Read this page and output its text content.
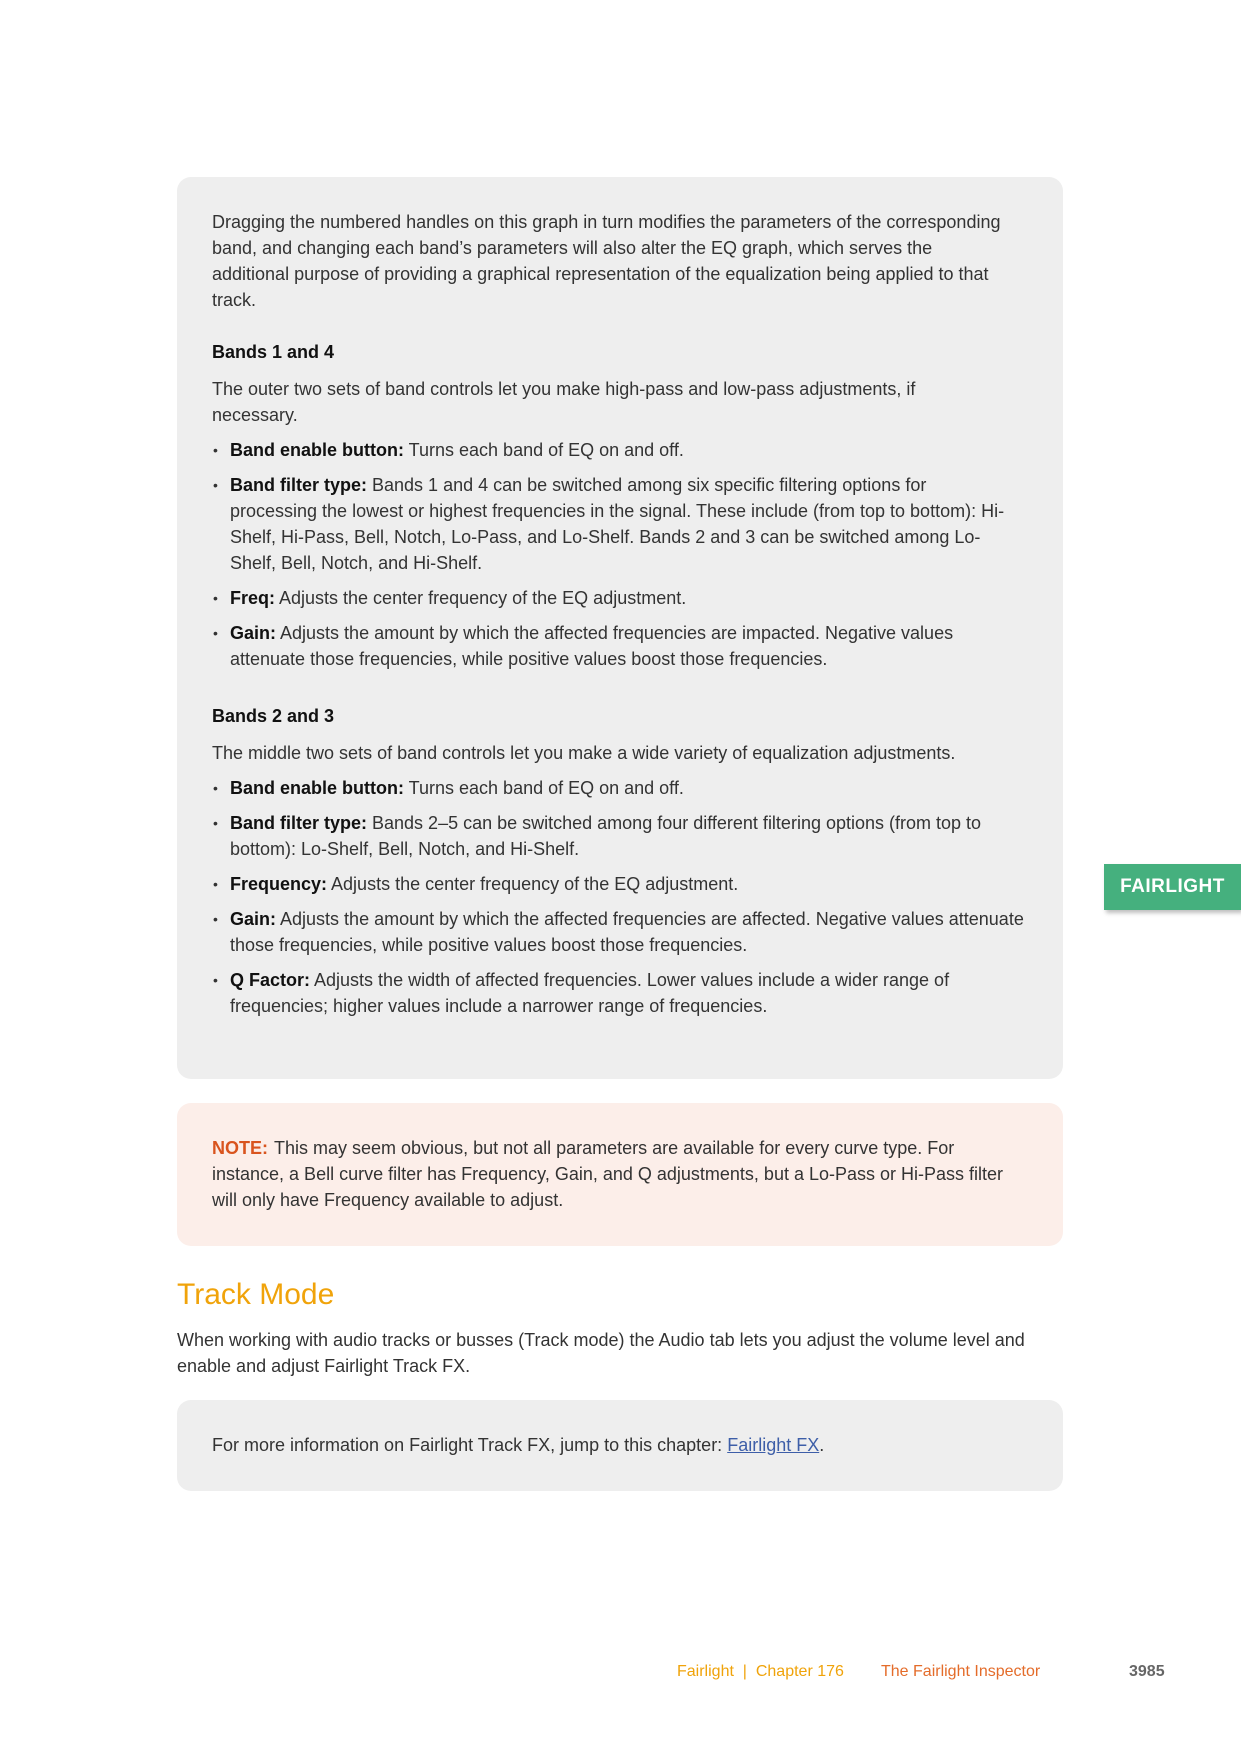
Dragging the numbered handles on this graph in turn modifies the parameters of the corresponding band, and changing each band’s parameters will also alter the EQ graph, which serves the additional purpose of providing a graphical representation of the equalization being applied to that track.

Bands 1 and 4

The outer two sets of band controls let you make high-pass and low-pass adjustments, if necessary.

• Band enable button: Turns each band of EQ on and off.
• Band filter type: Bands 1 and 4 can be switched among six specific filtering options for processing the lowest or highest frequencies in the signal. These include (from top to bottom): Hi-Shelf, Hi-Pass, Bell, Notch, Lo-Pass, and Lo-Shelf. Bands 2 and 3 can be switched among Lo-Shelf, Bell, Notch, and Hi-Shelf.
• Freq: Adjusts the center frequency of the EQ adjustment.
• Gain: Adjusts the amount by which the affected frequencies are impacted. Negative values attenuate those frequencies, while positive values boost those frequencies.
Bands 2 and 3

The middle two sets of band controls let you make a wide variety of equalization adjustments.

• Band enable button: Turns each band of EQ on and off.
• Band filter type: Bands 2–5 can be switched among four different filtering options (from top to bottom): Lo-Shelf, Bell, Notch, and Hi-Shelf.
• Frequency: Adjusts the center frequency of the EQ adjustment.
• Gain: Adjusts the amount by which the affected frequencies are affected. Negative values attenuate those frequencies, while positive values boost those frequencies.
• Q Factor: Adjusts the width of affected frequencies. Lower values include a wider range of frequencies; higher values include a narrower range of frequencies.

NOTE: This may seem obvious, but not all parameters are available for every curve type. For instance, a Bell curve filter has Frequency, Gain, and Q adjustments, but a Lo-Pass or Hi-Pass filter will only have Frequency available to adjust.

Track Mode

When working with audio tracks or busses (Track mode) the Audio tab lets you adjust the volume level and enable and adjust Fairlight Track FX.

For more information on Fairlight Track FX, jump to this chapter: Fairlight FX.

FAIRLIGHT
Fairlight  |  Chapter 176 The Fairlight Inspector	3985
